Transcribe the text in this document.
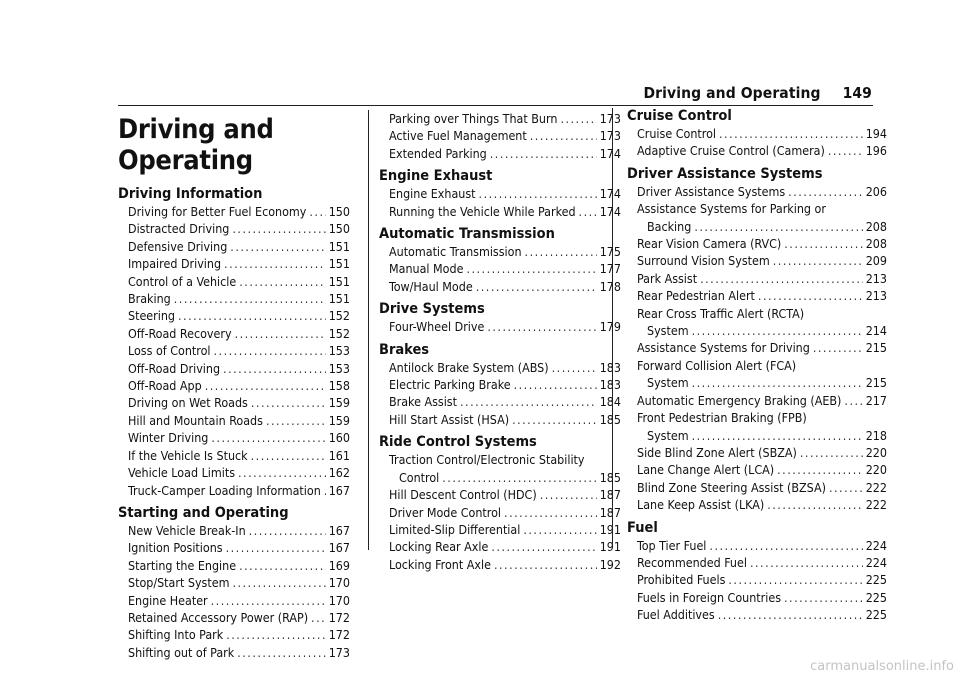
Driving and Operating 149
Driving and Operating
Driving Information
Driving for Better Fuel Economy ..... 150
Distracted Driving .....	150
Defensive Driving .....	151
Impaired Driving .....	151
Control of a Vehicle .....	151
Braking .....	151
Steering .....	152
Off-Road Recovery .....	152
Loss of Control .....	153
Off-Road Driving .....	153
Off-Road App .....	158
Driving on Wet Roads .....	159
Hill and Mountain Roads .....	159
Winter Driving .....	160
If the Vehicle Is Stuck .....	161
Vehicle Load Limits .....	162
Truck-Camper Loading Information ..... 167
Starting and Operating
New Vehicle Break-In .....	167
Ignition Positions .....	167
Starting the Engine .....	169
Stop/Start System .....	170
Engine Heater .....	170
Retained Accessory Power (RAP) ..... 172
Shifting Into Park .....	172
Shifting out of Park .....	173
Parking over Things That Burn .....	173
Active Fuel Management .....	173
Extended Parking .....	174
Engine Exhaust
Engine Exhaust .....	174
Running the Vehicle While Parked ..... 174
Automatic Transmission
Automatic Transmission .....	175
Manual Mode .....	177
Tow/Haul Mode .....	178
Drive Systems
Four-Wheel Drive .....	179
Brakes
Antilock Brake System (ABS) .....	183
Electric Parking Brake .....	183
Brake Assist .....	184
Hill Start Assist (HSA) .....	185
Ride Control Systems
Traction Control/Electronic Stability
Control .....	185
Hill Descent Control (HDC) .....	187
Driver Mode Control .....	187
Limited-Slip Differential .....	191
Locking Rear Axle .....	191
Locking Front Axle .....	192
Cruise Control
Cruise Control .....	194
Adaptive Cruise Control (Camera) .....	196
Driver Assistance Systems
Driver Assistance Systems .....	206
Assistance Systems for Parking or
Backing .....	208
Rear Vision Camera (RVC) .....	208
Surround Vision System .....	209
Park Assist .....	213
Rear Pedestrian Alert .....	213
Rear Cross Traffic Alert (RCTA)
System .....	214
Assistance Systems for Driving .....	215
Forward Collision Alert (FCA)
System .....	215
Automatic Emergency Braking (AEB) ..... 217
Front Pedestrian Braking (FPB)
System .....	218
Side Blind Zone Alert (SBZA) .....	220
Lane Change Alert (LCA) .....	220
Blind Zone Steering Assist (BZSA) .....	222
Lane Keep Assist (LKA) .....	222
Fuel
Top Tier Fuel .....	224
Recommended Fuel .....	224
Prohibited Fuels .....	225
Fuels in Foreign Countries .....	225
Fuel Additives .....	225
carmanualsonline.info
